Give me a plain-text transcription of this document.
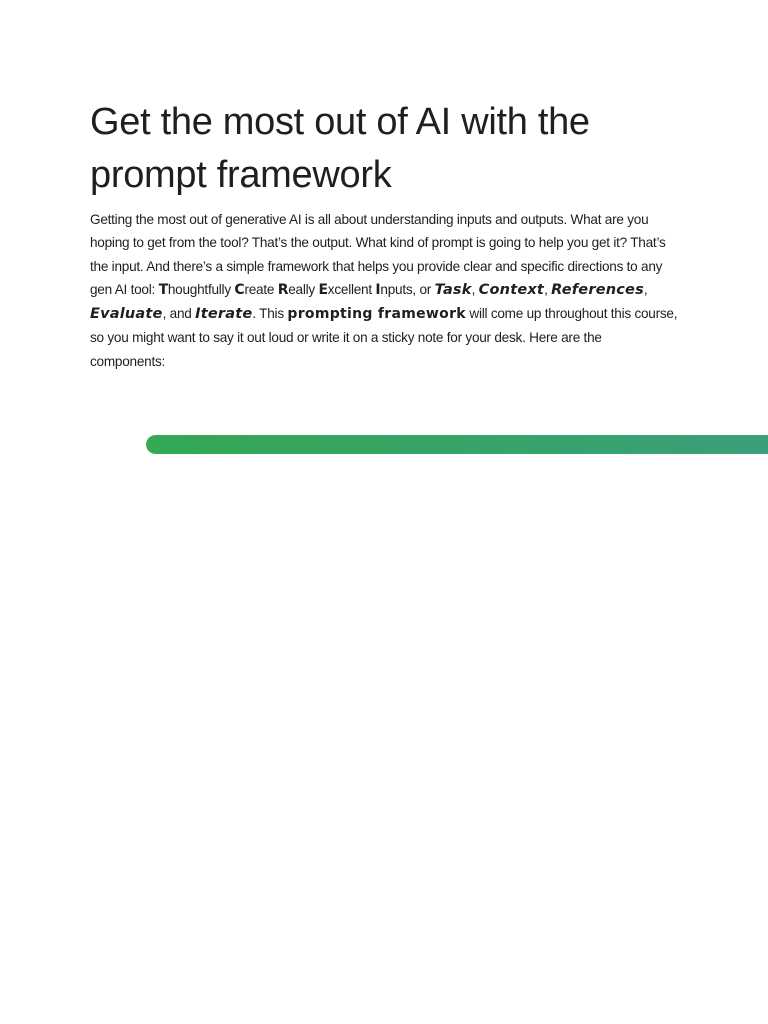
Get the most out of AI with the prompt framework

Getting the most out of generative AI is all about understanding inputs and outputs. What are you hoping to get from the tool? That’s the output. What kind of prompt is going to help you get it? That’s the input. And there’s a simple framework that helps you provide clear and specific directions to any gen AI tool: Thoughtfully Create Really Excellent Inputs, or Task, Context, References, Evaluate, and Iterate. This prompting framework will come up throughout this course, so you might want to say it out loud or write it on a sticky note for your desk. Here are the components:
